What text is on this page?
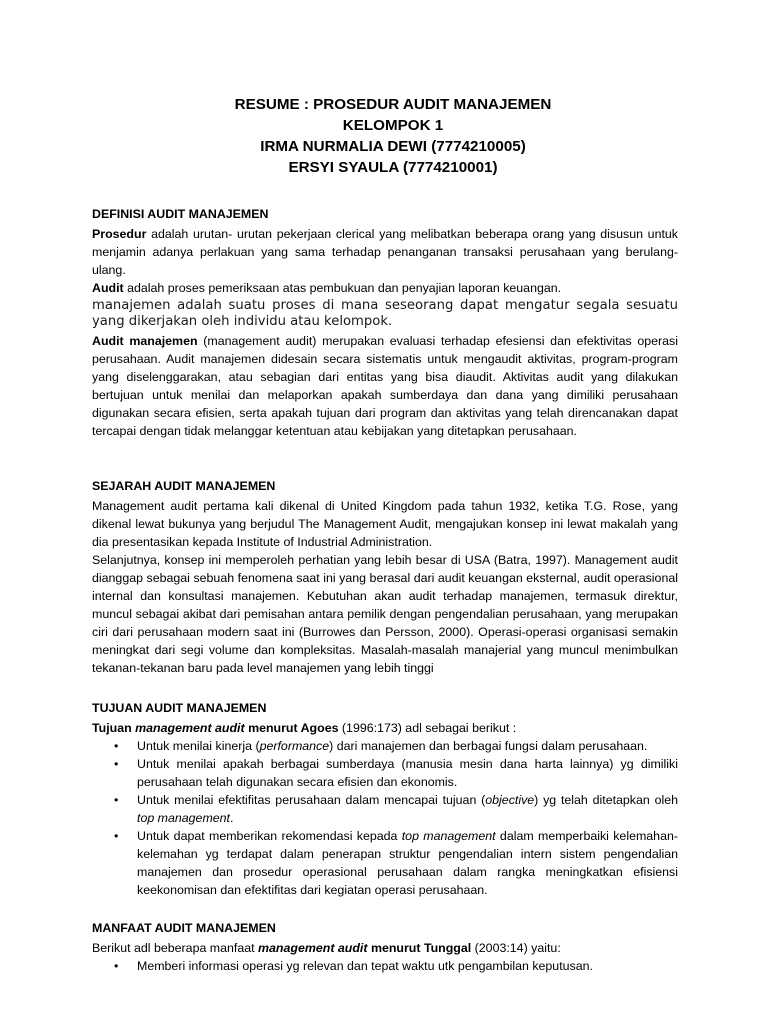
RESUME : PROSEDUR AUDIT MANAJEMEN
KELOMPOK 1
IRMA NURMALIA DEWI (7774210005)
ERSYI SYAULA (7774210001)
DEFINISI AUDIT MANAJEMEN

Prosedur adalah urutan- urutan pekerjaan clerical yang melibatkan beberapa orang yang disusun untuk menjamin adanya perlakuan yang sama terhadap penanganan transaksi perusahaan yang berulang-ulang.

Audit adalah proses pemeriksaan atas pembukuan dan penyajian laporan keuangan.

manajemen adalah suatu proses di mana seseorang dapat mengatur segala sesuatu yang dikerjakan oleh individu atau kelompok.

Audit manajemen (management audit) merupakan evaluasi terhadap efesiensi dan efektivitas operasi perusahaan. Audit manajemen didesain secara sistematis untuk mengaudit aktivitas, program-program yang diselenggarakan, atau sebagian dari entitas yang bisa diaudit. Aktivitas audit yang dilakukan bertujuan untuk menilai dan melaporkan apakah sumberdaya dan dana yang dimiliki perusahaan digunakan secara efisien, serta apakah tujuan dari program dan aktivitas yang telah direncanakan dapat tercapai dengan tidak melanggar ketentuan atau kebijakan yang ditetapkan perusahaan.

SEJARAH AUDIT MANAJEMEN

Management audit pertama kali dikenal di United Kingdom pada tahun 1932, ketika T.G. Rose, yang dikenal lewat bukunya yang berjudul The Management Audit, mengajukan konsep ini lewat makalah yang dia presentasikan kepada Institute of Industrial Administration.

Selanjutnya, konsep ini memperoleh perhatian yang lebih besar di USA (Batra, 1997). Management audit dianggap sebagai sebuah fenomena saat ini yang berasal dari audit keuangan eksternal, audit operasional internal dan konsultasi manajemen. Kebutuhan akan audit terhadap manajemen, termasuk direktur, muncul sebagai akibat dari pemisahan antara pemilik dengan pengendalian perusahaan, yang merupakan ciri dari perusahaan modern saat ini (Burrowes dan Persson, 2000). Operasi-operasi organisasi semakin meningkat dari segi volume dan kompleksitas. Masalah-masalah manajerial yang muncul menimbulkan tekanan-tekanan baru pada level manajemen yang lebih tinggi

TUJUAN AUDIT MANAJEMEN

Tujuan management audit menurut Agoes (1996:173) adl sebagai berikut :

• Untuk menilai kinerja (performance) dari manajemen dan berbagai fungsi dalam perusahaan.
• Untuk menilai apakah berbagai sumberdaya (manusia mesin dana harta lainnya) yg dimiliki perusahaan telah digunakan secara efisien dan ekonomis.
• Untuk menilai efektifitas perusahaan dalam mencapai tujuan (objective) yg telah ditetapkan oleh top management.
• Untuk dapat memberikan rekomendasi kepada top management dalam memperbaiki kelemahan-kelemahan yg terdapat dalam penerapan struktur pengendalian intern sistem pengendalian manajemen dan prosedur operasional perusahaan dalam rangka meningkatkan efisiensi keekonomisan dan efektifitas dari kegiatan operasi perusahaan.
MANFAAT AUDIT MANAJEMEN

Berikut adl beberapa manfaat management audit menurut Tunggal (2003:14) yaitu:

• Memberi informasi operasi yg relevan dan tepat waktu utk pengambilan keputusan.
